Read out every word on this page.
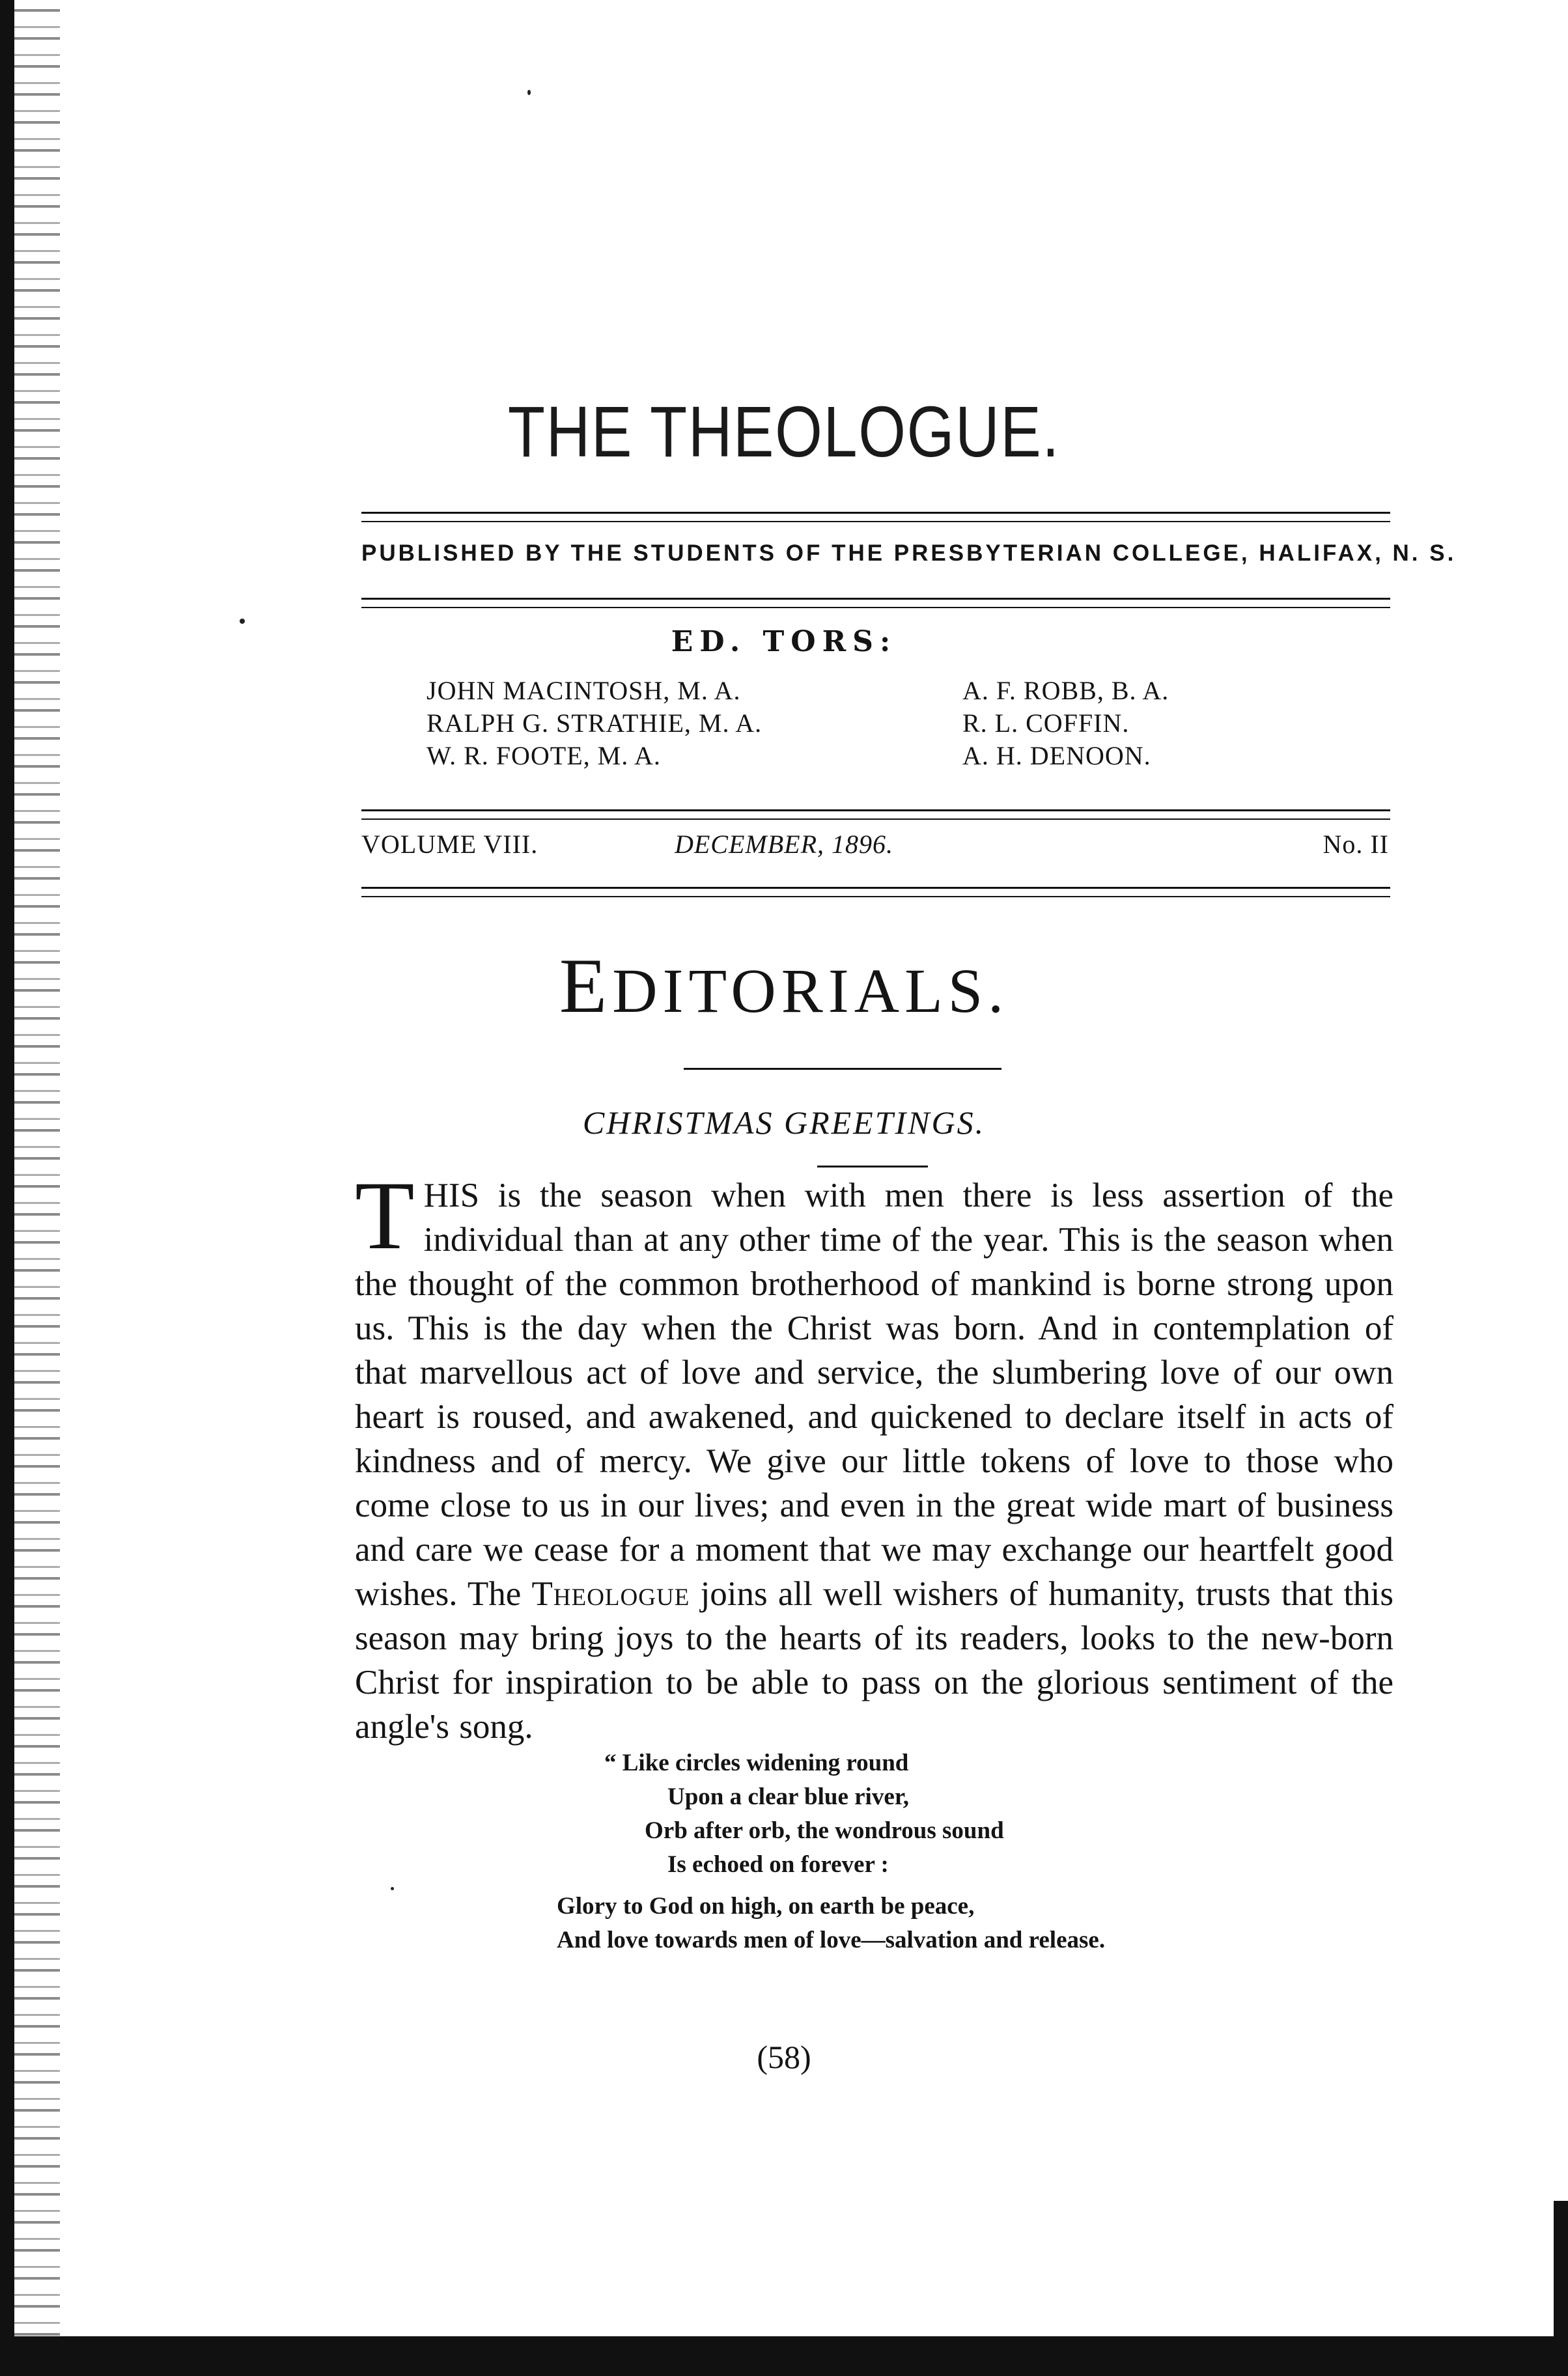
THE THEOLOGUE.
PUBLISHED BY THE STUDENTS OF THE PRESBYTERIAN COLLEGE, HALIFAX, N. S.
ED. TORS:
JOHN MACINTOSH, M. A.
RALPH G. STRATHIE, M. A.
W. R. FOOTE, M. A.
A. F. ROBB, B. A.
R. L. COFFIN.
A. H. DENOON.
VOLUME VIII.	DECEMBER, 1896.	No. II
EDITORIALS.
CHRISTMAS GREETINGS.
THIS is the season when with men there is less assertion of the individual than at any other time of the year. This is the season when the thought of the common brotherhood of mankind is borne strong upon us. This is the day when the Christ was born. And in contemplation of that marvellous act of love and service, the slumbering love of our own heart is roused, and awakened, and quickened to declare itself in acts of kindness and of mercy. We give our little tokens of love to those who come close to us in our lives; and even in the great wide mart of business and care we cease for a moment that we may exchange our heartfelt good wishes. The Theologue joins all well wishers of humanity, trusts that this season may bring joys to the hearts of its readers, looks to the new-born Christ for inspiration to be able to pass on the glorious sentiment of the angle's song.
“ Like circles widening round
Upon a clear blue river,
Orb after orb, the wondrous sound
Is echoed on forever :
Glory to God on high, on earth be peace,
And love towards men of love—salvation and release.
(58)
